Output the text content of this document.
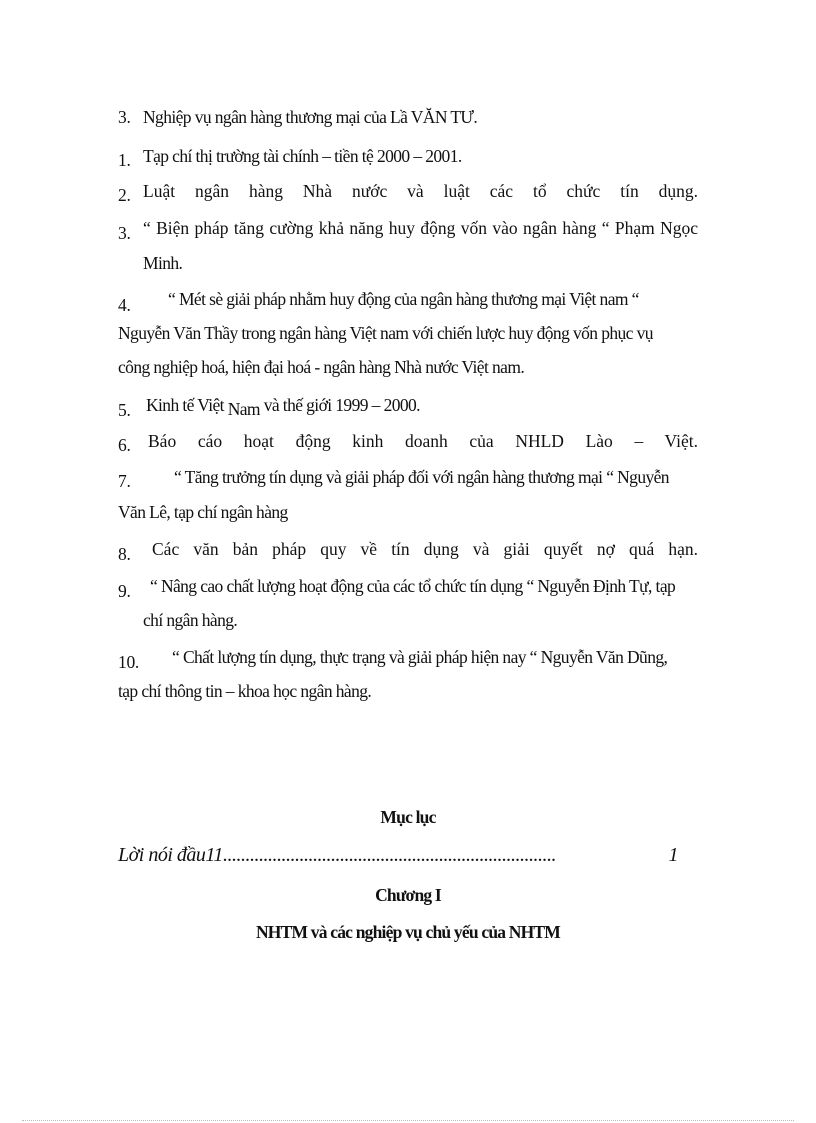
3. Nghiệp vụ ngân hàng thương mại của Lầ VĂN TƯ.
1. Tạp chí thị trường tài chính – tiền tệ 2000 – 2001.
2. Luật ngân hàng Nhà nước và luật các tổ chức tín dụng.
3. “ Biện pháp tăng cường khả năng huy động vốn vào ngân hàng “ Phạm Ngọc
Minh.
4. “ Mét sè giải pháp nhằm huy động của ngân hàng thương mại Việt nam “
Nguyễn Văn Thầy trong ngân hàng Việt nam với chiến lược huy động vốn phục vụ
công nghiệp hoá, hiện đại hoá - ngân hàng Nhà nước Việt nam.
5. Kinh tế Việt Nam và thế giới 1999 – 2000.
6. Báo cáo hoạt động kinh doanh của NHLD Lào – Việt.
7. “ Tăng trưởng tín dụng và giải pháp đối với ngân hàng thương mại “ Nguyễn
Văn Lê, tạp chí ngân hàng
8. Các văn bản pháp quy về tín dụng và giải quyết nợ quá hạn.
9. “ Nâng cao chất lượng hoạt động của các tổ chức tín dụng “ Nguyễn Định Tự, tạp
chí ngân hàng.
10. “ Chất lượng tín dụng, thực trạng và giải pháp hiện nay “ Nguyễn Văn Dũng,
tạp chí thông tin – khoa học ngân hàng.
Mục lục
Lời nói đầu11..........................................................................	1
Chương I
NHTM và các nghiệp vụ chủ yếu của NHTM
